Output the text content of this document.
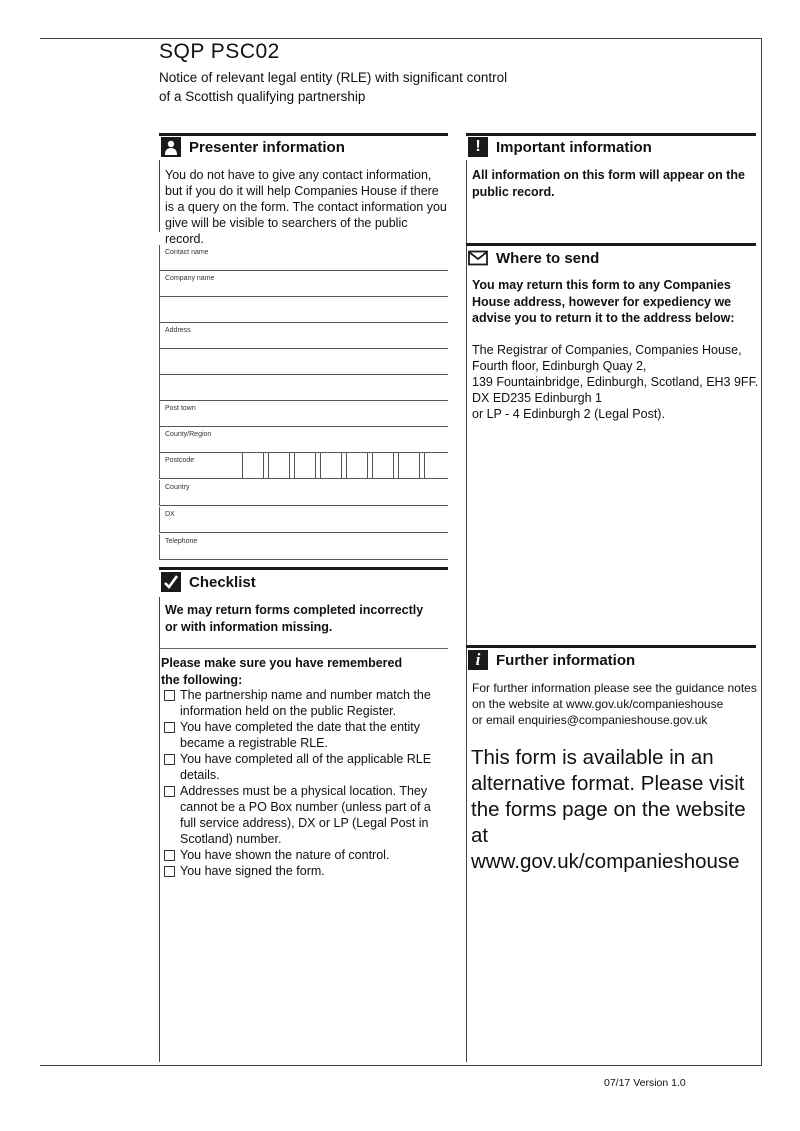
SQP PSC02
Notice of relevant legal entity (RLE) with significant control
of a Scottish qualifying partnership
Presenter information
You do not have to give any contact information, but if you do it will help Companies House if there is a query on the form. The contact information you give will be visible to searchers of the public record.
Contact name
Company name
Address
Post town
County/Region
Postcode
Country
DX
Telephone
Checklist
We may return forms completed incorrectly or with information missing.
Please make sure you have remembered the following:
The partnership name and number match the information held on the public Register.
You have completed the date that the entity became a registrable RLE.
You have completed all of the applicable RLE details.
Addresses must be a physical location. They cannot be a PO Box number (unless part of a full service address), DX or LP (Legal Post in Scotland) number.
You have shown the nature of control.
You have signed the form.
!	Important information
All information on this form will appear on the public record.
Where to send
You may return this form to any Companies House address, however for expediency we advise you to return it to the address below:
The Registrar of Companies, Companies House,
Fourth floor, Edinburgh Quay 2,
139 Fountainbridge, Edinburgh, Scotland, EH3 9FF.
DX ED235 Edinburgh 1
or LP - 4 Edinburgh 2 (Legal Post).
i	Further information
For further information please see the guidance notes
on the website at www.gov.uk/companieshouse
or email enquiries@companieshouse.gov.uk
This form is available in an alternative format. Please visit the forms page on the website at www.gov.uk/companieshouse
07/17 Version 1.0
